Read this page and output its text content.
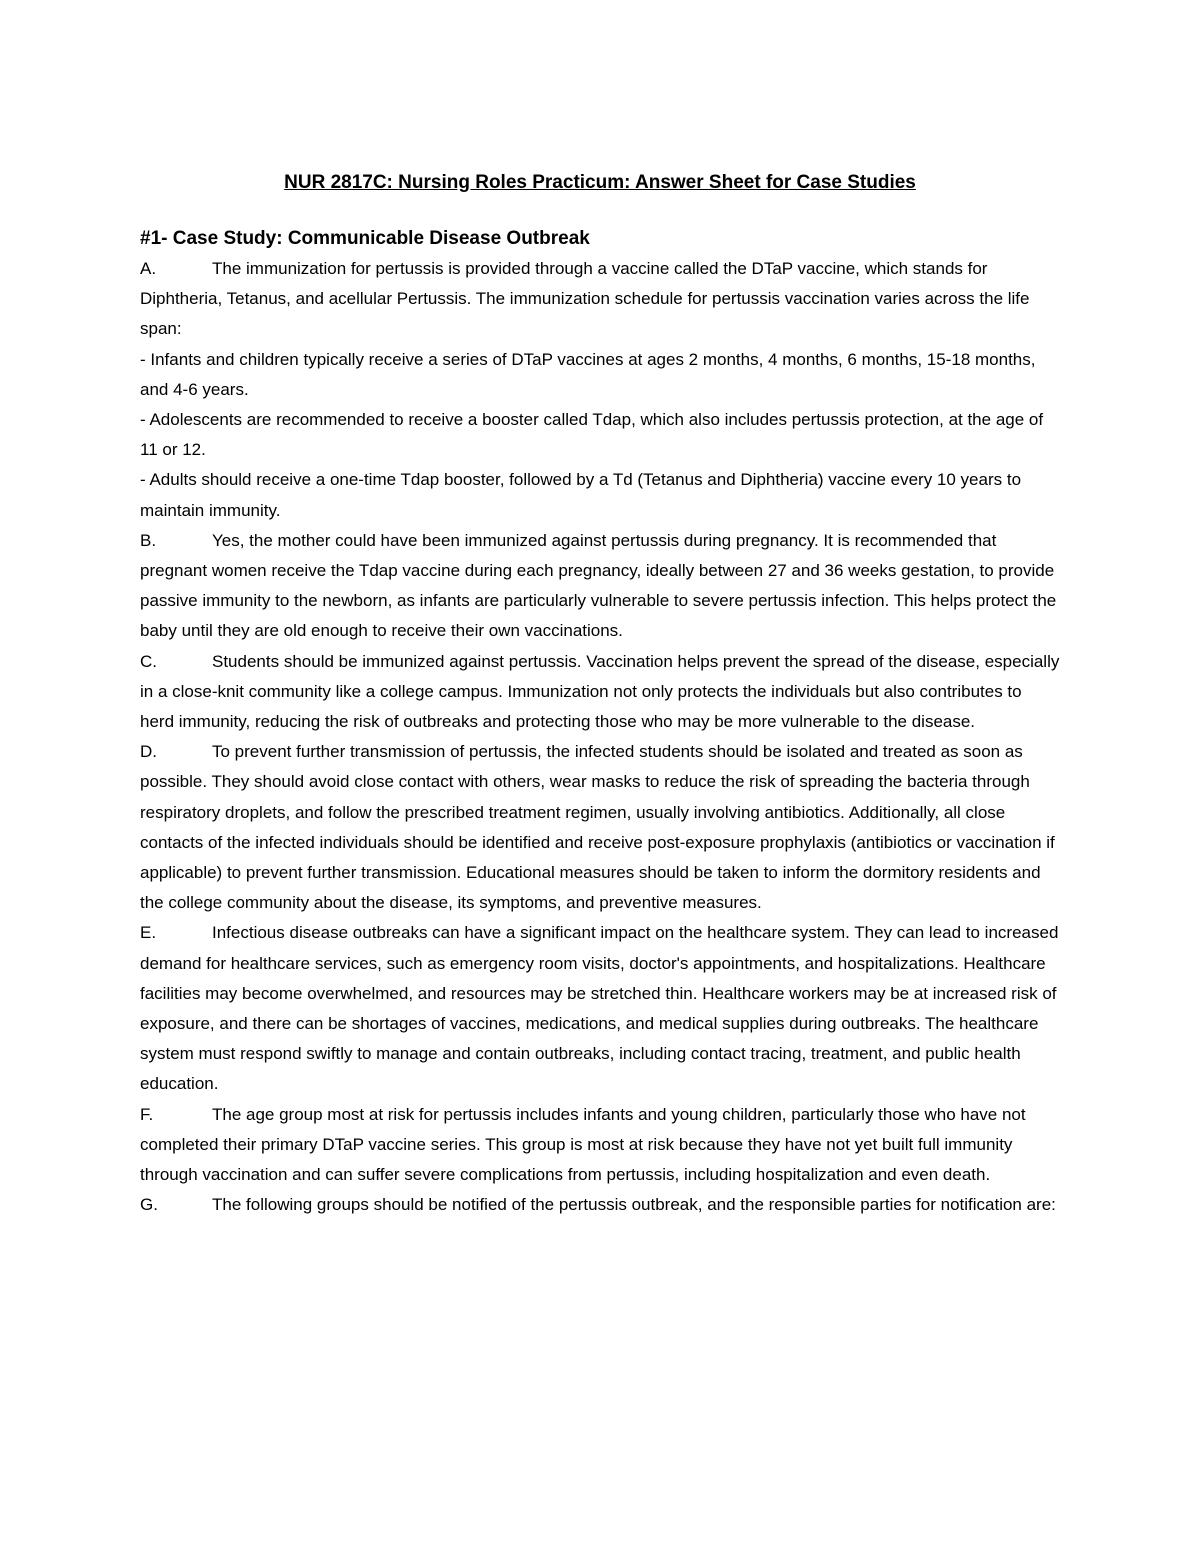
NUR 2817C: Nursing Roles Practicum: Answer Sheet for Case Studies
#1- Case Study: Communicable Disease Outbreak

A.	The immunization for pertussis is provided through a vaccine called the DTaP vaccine, which stands for Diphtheria, Tetanus, and acellular Pertussis. The immunization schedule for pertussis vaccination varies across the life span:

- Infants and children typically receive a series of DTaP vaccines at ages 2 months, 4 months, 6 months, 15-18 months, and 4-6 years.

- Adolescents are recommended to receive a booster called Tdap, which also includes pertussis protection, at the age of 11 or 12.

- Adults should receive a one-time Tdap booster, followed by a Td (Tetanus and Diphtheria) vaccine every 10 years to maintain immunity.

B.	Yes, the mother could have been immunized against pertussis during pregnancy. It is recommended that pregnant women receive the Tdap vaccine during each pregnancy, ideally between 27 and 36 weeks gestation, to provide passive immunity to the newborn, as infants are particularly vulnerable to severe pertussis infection. This helps protect the baby until they are old enough to receive their own vaccinations.

C.	Students should be immunized against pertussis. Vaccination helps prevent the spread of the disease, especially in a close-knit community like a college campus. Immunization not only protects the individuals but also contributes to herd immunity, reducing the risk of outbreaks and protecting those who may be more vulnerable to the disease.

D.	To prevent further transmission of pertussis, the infected students should be isolated and treated as soon as possible. They should avoid close contact with others, wear masks to reduce the risk of spreading the bacteria through respiratory droplets, and follow the prescribed treatment regimen, usually involving antibiotics. Additionally, all close contacts of the infected individuals should be identified and receive post-exposure prophylaxis (antibiotics or vaccination if applicable) to prevent further transmission. Educational measures should be taken to inform the dormitory residents and the college community about the disease, its symptoms, and preventive measures.

E.	Infectious disease outbreaks can have a significant impact on the healthcare system. They can lead to increased demand for healthcare services, such as emergency room visits, doctor's appointments, and hospitalizations. Healthcare facilities may become overwhelmed, and resources may be stretched thin. Healthcare workers may be at increased risk of exposure, and there can be shortages of vaccines, medications, and medical supplies during outbreaks. The healthcare system must respond swiftly to manage and contain outbreaks, including contact tracing, treatment, and public health education.

F.	The age group most at risk for pertussis includes infants and young children, particularly those who have not completed their primary DTaP vaccine series. This group is most at risk because they have not yet built full immunity through vaccination and can suffer severe complications from pertussis, including hospitalization and even death.

G.	The following groups should be notified of the pertussis outbreak, and the responsible parties for notification are:
